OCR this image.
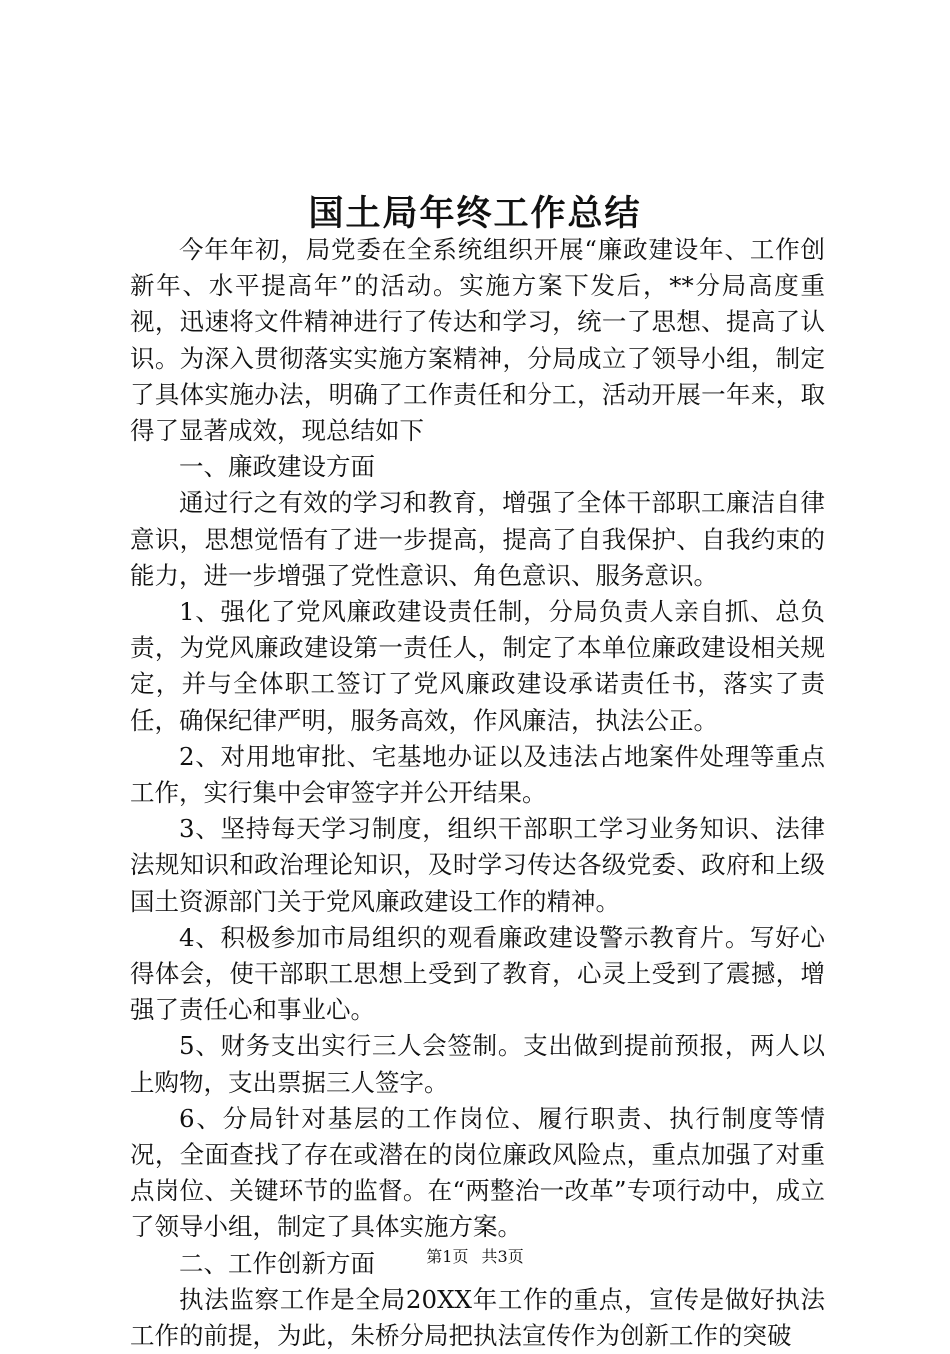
国土局年终工作总结

今年年初，局党委在全系统组织开展“廉政建设年、工作创新年、水平提高年”的活动。实施方案下发后，**分局高度重视，迅速将文件精神进行了传达和学习，统一了思想、提高了认识。为深入贯彻落实实施方案精神，分局成立了领导小组，制定了具体实施办法，明确了工作责任和分工，活动开展一年来，取得了显著成效，现总结如下

一、廉政建设方面

通过行之有效的学习和教育，增强了全体干部职工廉洁自律意识，思想觉悟有了进一步提高，提高了自我保护、自我约束的能力，进一步增强了党性意识、角色意识、服务意识。

1、强化了党风廉政建设责任制，分局负责人亲自抓、总负责，为党风廉政建设第一责任人，制定了本单位廉政建设相关规定，并与全体职工签订了党风廉政建设承诺责任书，落实了责任，确保纪律严明，服务高效，作风廉洁，执法公正。

2、对用地审批、宅基地办证以及违法占地案件处理等重点工作，实行集中会审签字并公开结果。

3、坚持每天学习制度，组织干部职工学习业务知识、法律法规知识和政治理论知识，及时学习传达各级党委、政府和上级国土资源部门关于党风廉政建设工作的精神。

4、积极参加市局组织的观看廉政建设警示教育片。写好心得体会，使干部职工思想上受到了教育，心灵上受到了震撼，增强了责任心和事业心。

5、财务支出实行三人会签制。支出做到提前预报，两人以上购物，支出票据三人签字。

6、分局针对基层的工作岗位、履行职责、执行制度等情况，全面查找了存在或潜在的岗位廉政风险点，重点加强了对重点岗位、关键环节的监督。在“两整治一改革”专项行动中，成立了领导小组，制定了具体实施方案。

二、工作创新方面

执法监察工作是全局20XX年工作的重点，宣传是做好执法工作的前提，为此，朱桥分局把执法宣传作为创新工作的突破

第1页 共3页
